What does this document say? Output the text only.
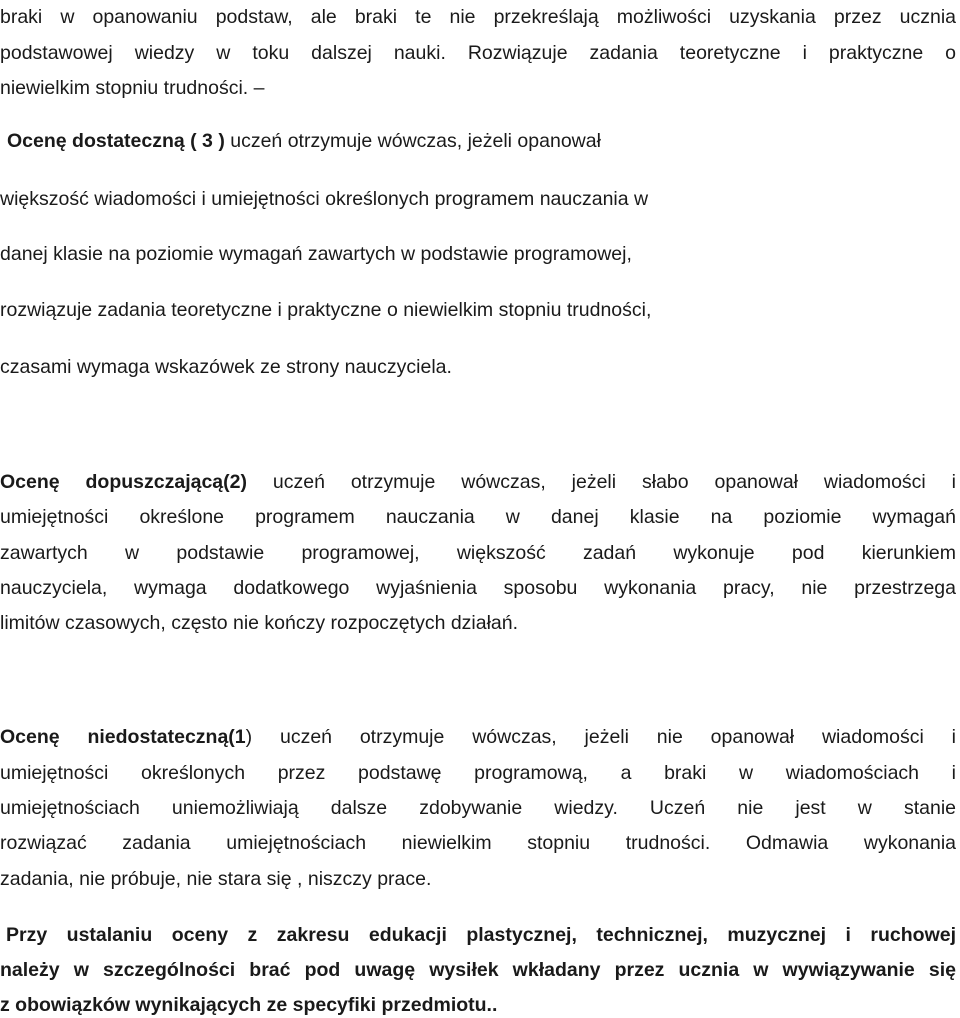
braki w opanowaniu podstaw, ale braki te nie przekreślają możliwości uzyskania przez ucznia
podstawowej wiedzy w toku dalszej nauki. Rozwiązuje zadania teoretyczne i praktyczne o
niewielkim stopniu trudności. –
Ocenę dostateczną ( 3 ) uczeń otrzymuje wówczas, jeżeli opanował
większość wiadomości i umiejętności określonych programem nauczania w
danej klasie na poziomie wymagań zawartych w podstawie programowej,
rozwiązuje zadania teoretyczne i praktyczne o niewielkim stopniu trudności,
czasami wymaga wskazówek ze strony nauczyciela.
Ocenę dopuszczającą(2) uczeń otrzymuje wówczas, jeżeli słabo opanował wiadomości i
umiejętności określone programem nauczania w danej klasie na poziomie wymagań
zawartych w podstawie programowej, większość zadań wykonuje pod kierunkiem
nauczyciela, wymaga dodatkowego wyjaśnienia sposobu wykonania pracy, nie przestrzega
limitów czasowych, często nie kończy rozpoczętych działań.
Ocenę niedostateczną(1) uczeń otrzymuje wówczas, jeżeli nie opanował wiadomości i
umiejętności określonych przez podstawę programową, a braki w wiadomościach i
umiejętnościach uniemożliwiają dalsze zdobywanie wiedzy. Uczeń nie jest w stanie
rozwiązać zadania umiejętnościach niewielkim stopniu trudności. Odmawia wykonania
zadania, nie próbuje, nie stara się , niszczy prace.
Przy ustalaniu oceny z zakresu edukacji plastycznej, technicznej, muzycznej i ruchowej
należy w szczególności brać pod uwagę wysiłek wkładany przez ucznia w wywiązywanie się
z obowiązków wynikających ze specyfiki przedmiotu..
